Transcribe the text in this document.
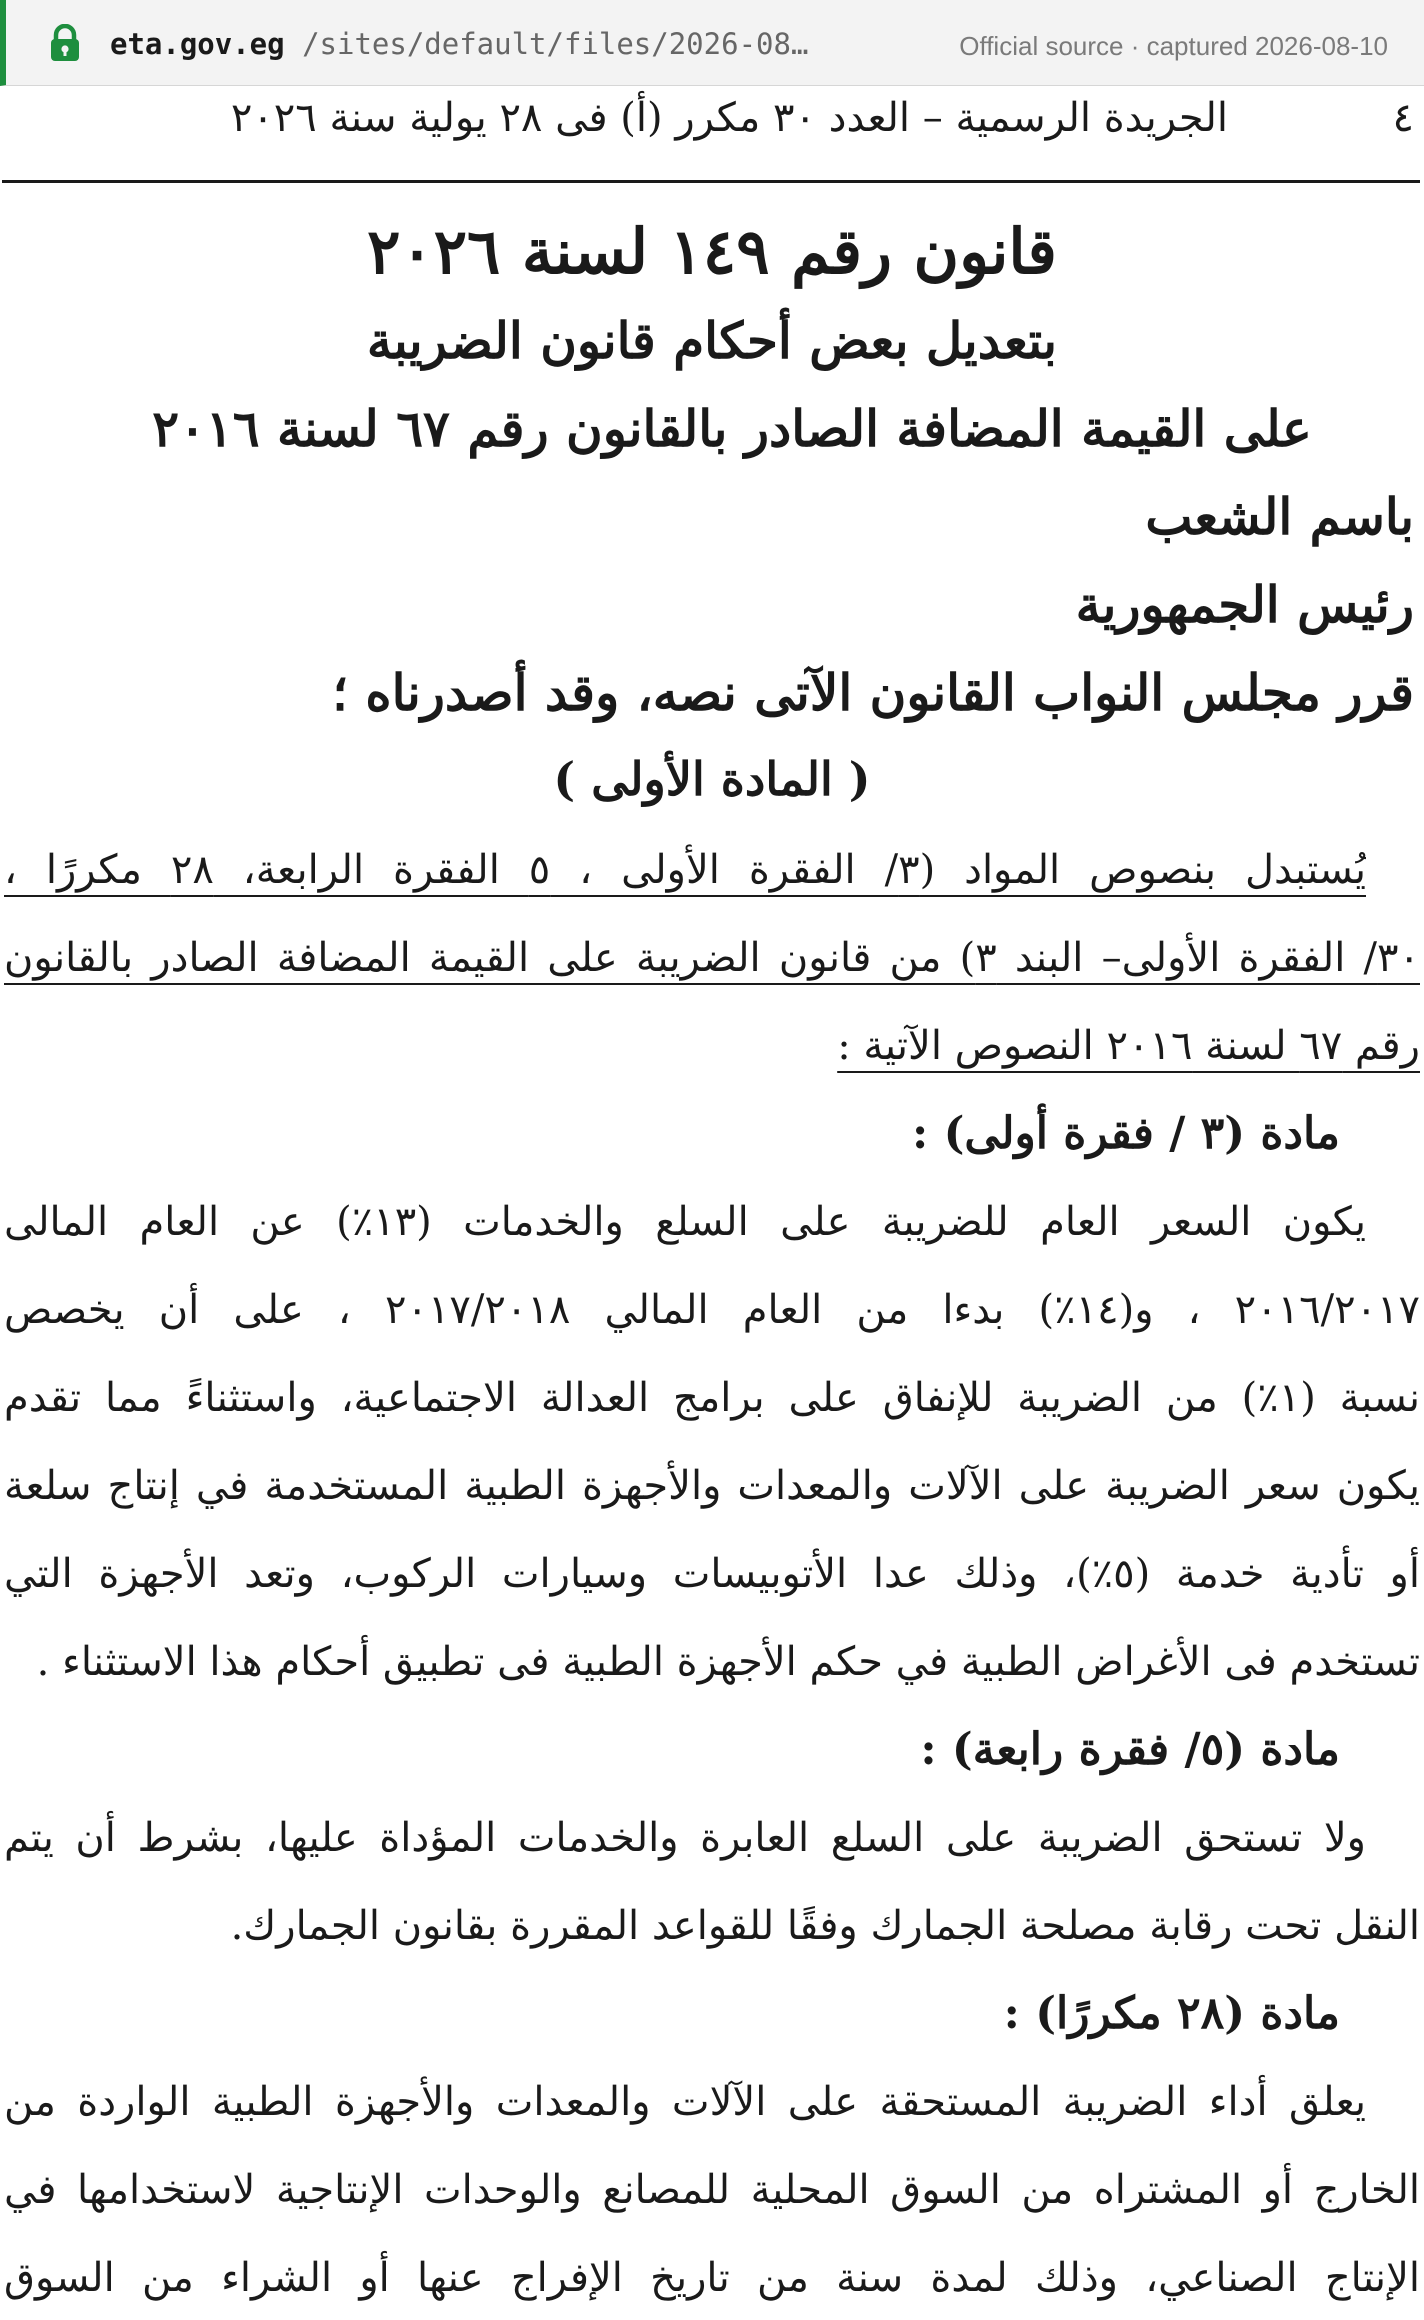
eta.gov.eg /sites/default/files/2026-08…	Official source · captured 2026-08-10
٤
الجريدة الرسمية – العدد ٣٠ مكرر (أ) فى ٢٨ يولية سنة ٢٠٢٦
قانون رقم ١٤٩ لسنة ٢٠٢٦
بتعديل بعض أحكام قانون الضريبة
على القيمة المضافة الصادر بالقانون رقم ٦٧ لسنة ٢٠١٦
باسم الشعب
رئيس الجمهورية
قرر مجلس النواب القانون الآتى نصه، وقد أصدرناه ؛
( المادة الأولى )
يُستبدل بنصوص المواد (٣/ الفقرة الأولى ، ٥ الفقرة الرابعة، ٢٨ مكررًا ،
٣٠/ الفقرة الأولى– البند ٣) من قانون الضريبة على القيمة المضافة الصادر بالقانون
رقم ٦٧ لسنة ٢٠١٦ النصوص الآتية :
مادة (٣ / فقرة أولى) :
يكون السعر العام للضريبة على السلع والخدمات (١٣٪) عن العام المالى
٢٠١٦/٢٠١٧ ، و(١٤٪) بدءا من العام المالي ٢٠١٧/٢٠١٨ ، على أن يخصص
نسبة (١٪) من الضريبة للإنفاق على برامج العدالة الاجتماعية، واستثناءً مما تقدم
يكون سعر الضريبة على الآلات والمعدات والأجهزة الطبية المستخدمة في إنتاج سلعة
أو تأدية خدمة (٥٪)، وذلك عدا الأتوبيسات وسيارات الركوب، وتعد الأجهزة التي
تستخدم فى الأغراض الطبية في حكم الأجهزة الطبية فى تطبيق أحكام هذا الاستثناء .
مادة (٥/ فقرة رابعة) :
ولا تستحق الضريبة على السلع العابرة والخدمات المؤداة عليها، بشرط أن يتم
النقل تحت رقابة مصلحة الجمارك وفقًا للقواعد المقررة بقانون الجمارك.
مادة (٢٨ مكررًا) :
يعلق أداء الضريبة المستحقة على الآلات والمعدات والأجهزة الطبية الواردة من
الخارج أو المشتراه من السوق المحلية للمصانع والوحدات الإنتاجية لاستخدامها في
الإنتاج الصناعي، وذلك لمدة سنة من تاريخ الإفراج عنها أو الشراء من السوق
